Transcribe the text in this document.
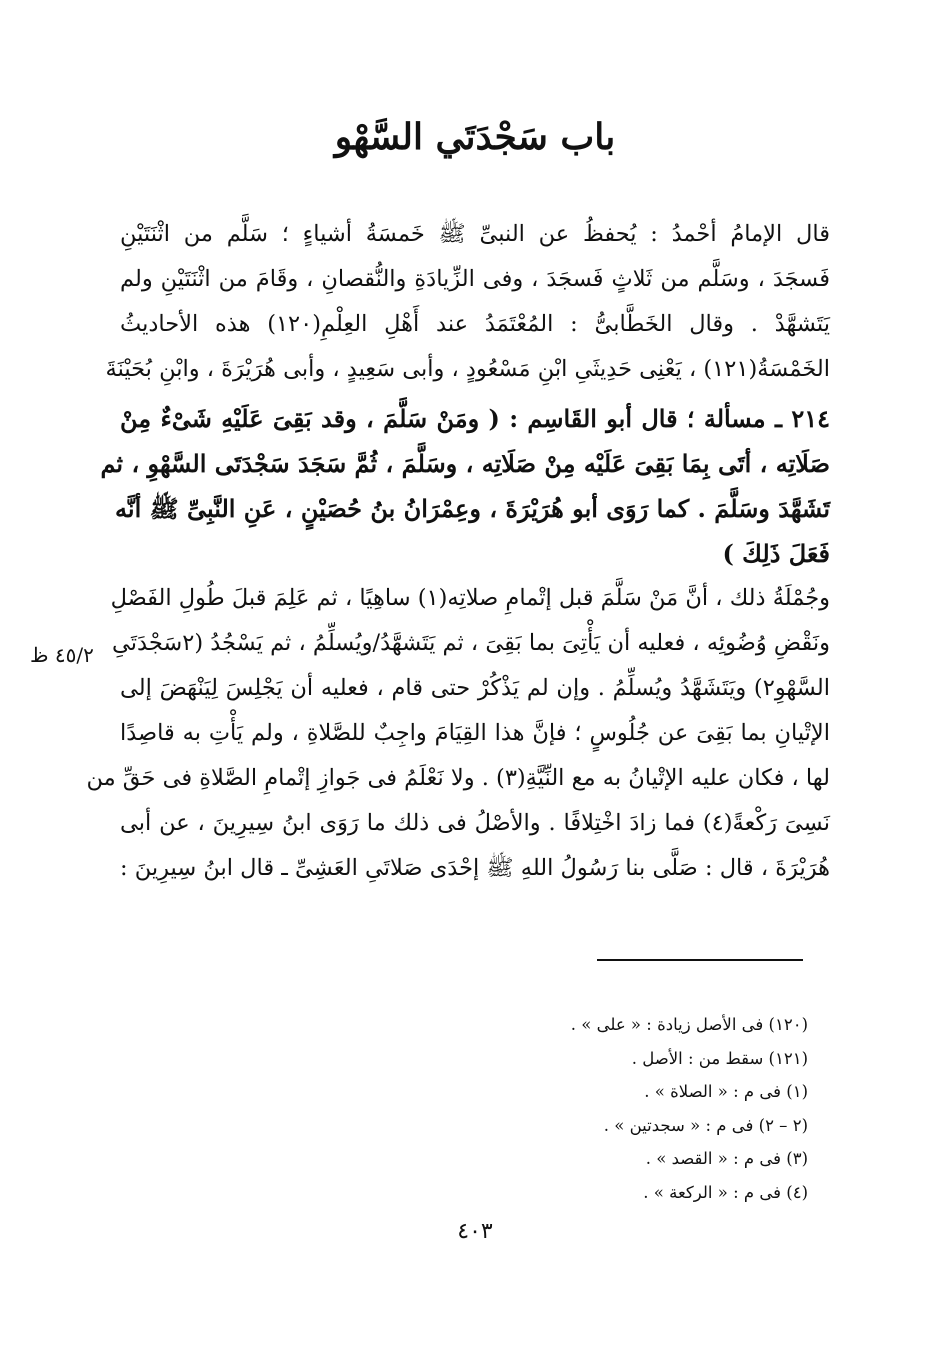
باب سَجْدَتَي السَّهْو
قال الإمامُ أحْمدُ : يُحفظُ عن النبىِّ ﷺ خَمسَةُ أشياءٍ ؛ سَلَّم من اثْنَتَيْنِ
فَسجَدَ ، وسَلَّم من ثَلاثٍ فَسجَدَ ، وفى الزِّيادَةِ والنُّقصانِ ، وقَامَ من اثْنَتَيْنِ ولم
يَتَشهَّدْ . وقال الخَطَّابىُّ : المُعْتَمَدُ عند أَهْلِ العِلْمِ(١٢٠) هذه الأحاديثُ
الخَمْسَةُ(١٢١) ، يَعْنِى حَدِيثَىِ ابْنِ مَسْعُودٍ ، وأبى سَعِيدٍ ، وأبى هُرَيْرَةَ ، وابْنِ بُحَيْنَةَ
٢١٤ ـ مسألة ؛ قال أبو القَاسِم : ( ومَنْ سَلَّمَ ، وقد بَقِىَ عَلَيْهِ شَىْءٌ مِنْ
صَلَاتِه ، أتَى بِمَا بَقِىَ عَلَيْه مِنْ صَلَاتِه ، وسَلَّمَ ، ثُمَّ سَجَدَ سَجْدَتَى السَّهْوِ ، ثم
تَشَهَّدَ وسَلَّمَ . كما رَوَى أبو هُرَيْرَةَ ، وعِمْرَانُ بنُ حُصَيْنٍ ، عَنِ النَّبِىِّ ﷺ أنَّه
فَعَلَ ذَلِكَ )
وجُمْلَةُ ذلك ، أنَّ مَنْ سَلَّمَ قبل إتْمامِ صلاتِه(١) ساهِيًا ، ثم عَلِمَ قبلَ طُولِ الفَصْلِ
ونَقْضِ وُضُوئِه ، فعليه أن يَأْتِىَ بما بَقِىَ ، ثم يَتَشهَّدُ/ويُسلِّمُ ، ثم يَسْجُدُ (٢سَجْدَتَىِ
السَّهْوِ٢) ويَتَشَهَّدُ ويُسلِّمُ . وإن لم يَذْكُرْ حتى قام ، فعليه أن يَجْلِسَ لِيَنْهَضَ إلى
الإتْيانِ بما بَقِىَ عن جُلُوسٍ ؛ فإنَّ هذا القِيَامَ واجِبٌ للصَّلاةِ ، ولم يَأْتِ به قاصِدًا
لها ، فكان عليه الإتْيانُ به مع النِّيَّةِ(٣) . ولا نَعْلَمُ فى جَوازِ إتْمامِ الصَّلاةِ فى حَقِّ من
نَسِىَ رَكْعةً(٤) فما زادَ اخْتِلافًا . والأصْلُ فى ذلك ما رَوَى ابنُ سِيرِينَ ، عن أبى
هُرَيْرَةَ ، قال : صَلَّى بنا رَسُولُ اللهِ ﷺ إحْدَى صَلاتَىِ العَشِىِّ ـ قال ابنُ سِيرِينَ :
٤٥/٢ ظ
(١٢٠) فى الأصل زيادة : « على » .
(١٢١) سقط من : الأصل .
(١) فى م : « الصلاة » .
(٢ – ٢) فى م : « سجدتين » .
(٣) فى م : « القصد » .
(٤) فى م : « الركعة » .
٤٠٣
